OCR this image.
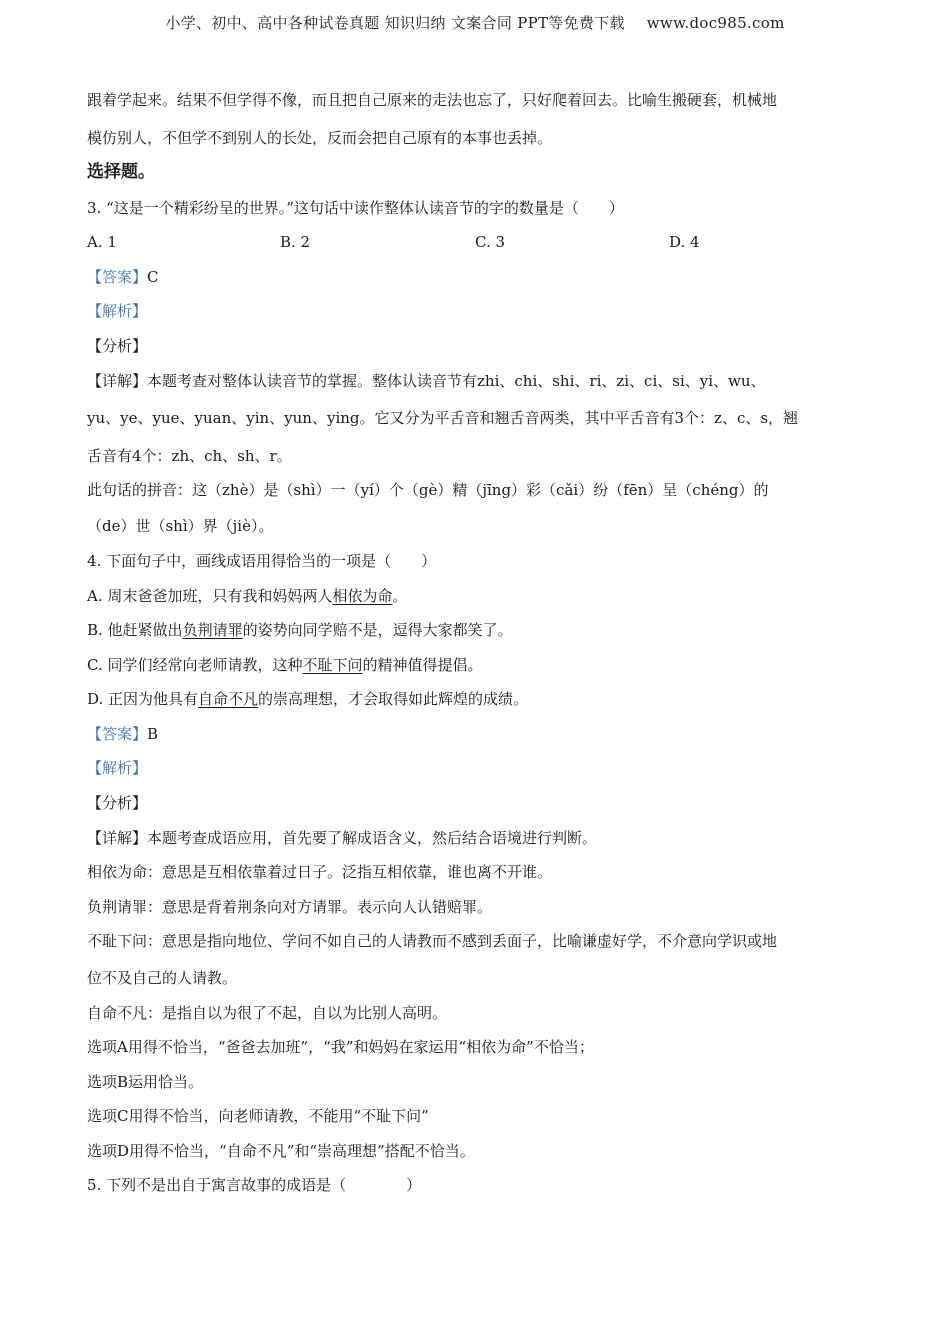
小学、初中、高中各种试卷真题 知识归纳 文案合同 PPT等免费下载 www.doc985.com
跟着学起来。结果不但学得不像，而且把自己原来的走法也忘了，只好爬着回去。比喻生搬硬套，机械地
模仿别人，不但学不到别人的长处，反而会把自己原有的本事也丢掉。
选择题。
3. “这是一个精彩纷呈的世界。”这句话中读作整体认读音节的字的数量是（　　）
A. 1	B. 2	C. 3	D. 4
【答案】C
【解析】
【分析】
【详解】本题考查对整体认读音节的掌握。整体认读音节有zhi、chi、shi、ri、zi、ci、si、yi、wu、
yu、ye、yue、yuan、yin、yun、ying。它又分为平舌音和翘舌音两类，其中平舌音有3个：z、c、s，翘
舌音有4个：zh、ch、sh、r。
此句话的拼音：这（zhè）是（shì）一（yí）个（gè）精（jīng）彩（cǎi）纷（fēn）呈（chéng）的
（de）世（shì）界（jiè）。
4. 下面句子中，画线成语用得恰当的一项是（　　）
A. 周末爸爸加班，只有我和妈妈两人相依为命。
B. 他赶紧做出负荆请罪的姿势向同学赔不是，逗得大家都笑了。
C. 同学们经常向老师请教，这种不耻下问的精神值得提倡。
D. 正因为他具有自命不凡的崇高理想，才会取得如此辉煌的成绩。
【答案】B
【解析】
【分析】
【详解】本题考查成语应用，首先要了解成语含义，然后结合语境进行判断。
相依为命：意思是互相依靠着过日子。泛指互相依靠，谁也离不开谁。
负荆请罪：意思是背着荆条向对方请罪。表示向人认错赔罪。
不耻下问：意思是指向地位、学问不如自己的人请教而不感到丢面子，比喻谦虚好学，不介意向学识或地
位不及自己的人请教。
自命不凡：是指自以为很了不起，自以为比别人高明。
选项A用得不恰当，“爸爸去加班”，“我”和妈妈在家运用“相依为命”不恰当；
选项B运用恰当。
选项C用得不恰当，向老师请教，不能用“不耻下问”
选项D用得不恰当，“自命不凡”和“崇高理想”搭配不恰当。
5. 下列不是出自于寓言故事的成语是（　　　　）
